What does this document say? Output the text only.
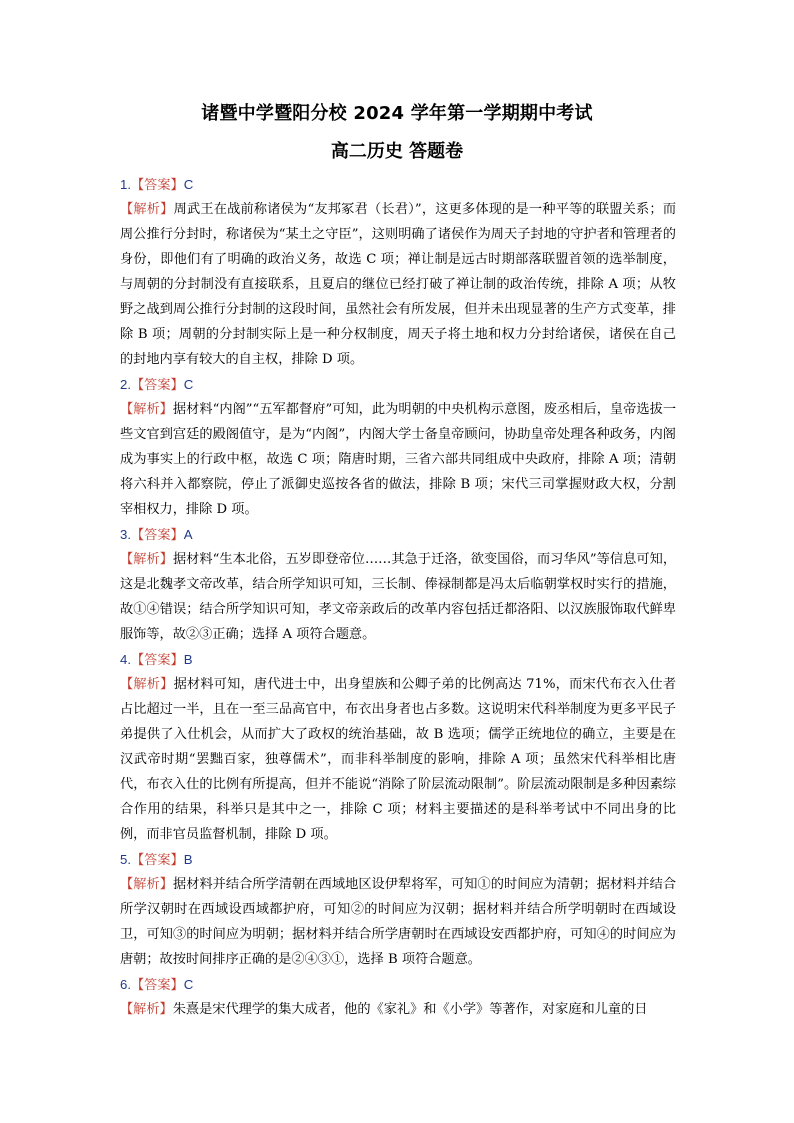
诸暨中学暨阳分校 2024 学年第一学期期中考试
高二历史 答题卷
1.【答案】C
【解析】周武王在战前称诸侯为“友邦冢君（长君）”，这更多体现的是一种平等的联盟关系；而周公推行分封时，称诸侯为“某土之守臣”，这则明确了诸侯作为周天子封地的守护者和管理者的身份，即他们有了明确的政治义务，故选 C 项；禅让制是远古时期部落联盟首领的选举制度，与周朝的分封制没有直接联系，且夏启的继位已经打破了禅让制的政治传统，排除 A 项；从牧野之战到周公推行分封制的这段时间，虽然社会有所发展，但并未出现显著的生产方式变革，排除 B 项；周朝的分封制实际上是一种分权制度，周天子将土地和权力分封给诸侯，诸侯在自己的封地内享有较大的自主权，排除 D 项。
2.【答案】C
【解析】据材料“内阁”“五军都督府”可知，此为明朝的中央机构示意图，废丞相后，皇帝选拔一些文官到宫廷的殿阁值守，是为“内阁”，内阁大学士备皇帝顾问，协助皇帝处理各种政务，内阁成为事实上的行政中枢，故选 C 项；隋唐时期，三省六部共同组成中央政府，排除 A 项；清朝将六科并入都察院，停止了派御史巡按各省的做法，排除 B 项；宋代三司掌握财政大权，分割宰相权力，排除 D 项。
3.【答案】A
【解析】据材料“生本北俗，五岁即登帝位……其急于迁洛，欲变国俗，而习华风”等信息可知，这是北魏孝文帝改革，结合所学知识可知，三长制、俸禄制都是冯太后临朝掌权时实行的措施，故①④错误；结合所学知识可知，孝文帝亲政后的改革内容包括迁都洛阳、以汉族服饰取代鲜卑服饰等，故②③正确；选择 A 项符合题意。
4.【答案】B
【解析】据材料可知，唐代进士中，出身望族和公卿子弟的比例高达 71%，而宋代布衣入仕者占比超过一半，且在一至三品高官中，布衣出身者也占多数。这说明宋代科举制度为更多平民子弟提供了入仕机会，从而扩大了政权的统治基础，故 B 选项；儒学正统地位的确立，主要是在汉武帝时期“罢黜百家，独尊儒术”，而非科举制度的影响，排除 A 项；虽然宋代科举相比唐代，布衣入仕的比例有所提高，但并不能说“消除了阶层流动限制”。阶层流动限制是多种因素综合作用的结果，科举只是其中之一，排除 C 项；材料主要描述的是科举考试中不同出身的比例，而非官员监督机制，排除 D 项。
5.【答案】B
【解析】据材料并结合所学清朝在西域地区设伊犁将军，可知①的时间应为清朝；据材料并结合所学汉朝时在西域设西域都护府，可知②的时间应为汉朝；据材料并结合所学明朝时在西域设卫，可知③的时间应为明朝；据材料并结合所学唐朝时在西域设安西都护府，可知④的时间应为唐朝；故按时间排序正确的是②④③①，选择 B 项符合题意。
6.【答案】C
【解析】朱熹是宋代理学的集大成者，他的《家礼》和《小学》等著作，对家庭和儿童的日
